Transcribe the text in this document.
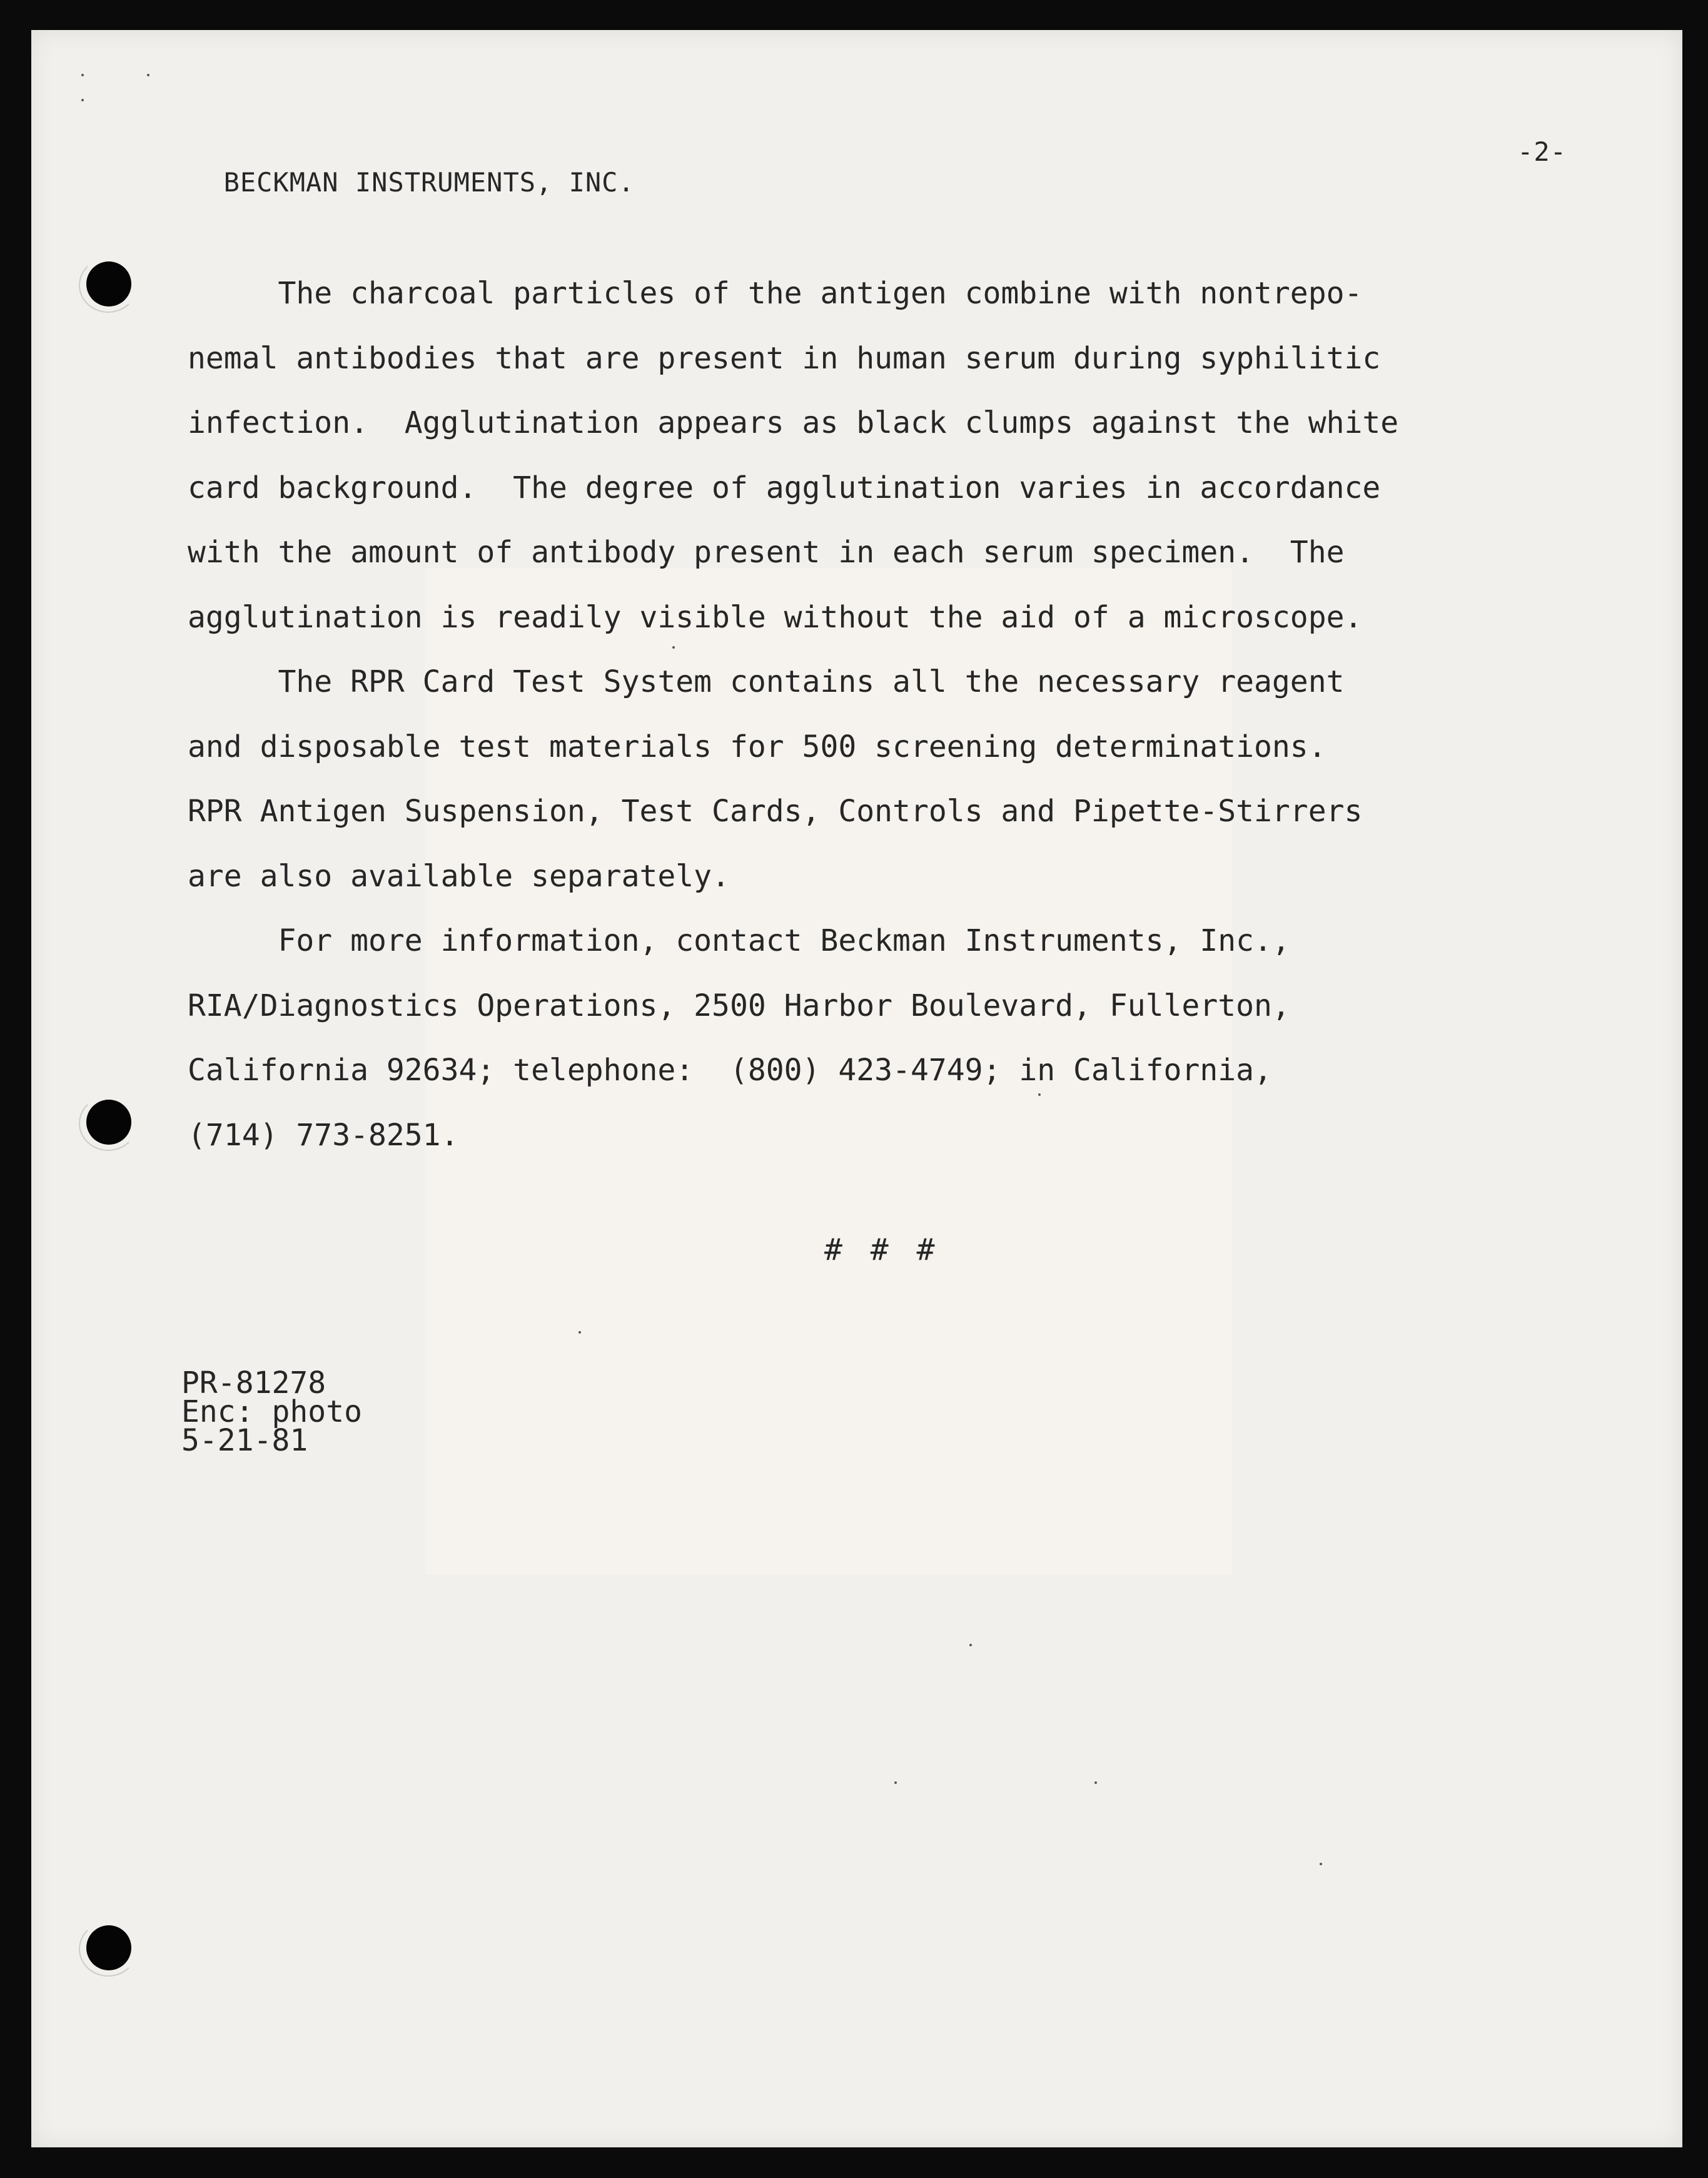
BECKMAN INSTRUMENTS, INC.

-2-

The charcoal particles of the antigen combine with nontrepo-
nemal antibodies that are present in human serum during syphilitic
infection.  Agglutination appears as black clumps against the white
card background.  The degree of agglutination varies in accordance
with the amount of antibody present in each serum specimen.  The
agglutination is readily visible without the aid of a microscope.
The RPR Card Test System contains all the necessary reagent
and disposable test materials for 500 screening determinations.
RPR Antigen Suspension, Test Cards, Controls and Pipette-Stirrers
are also available separately.
For more information, contact Beckman Instruments, Inc.,
RIA/Diagnostics Operations, 2500 Harbor Boulevard, Fullerton,
California 92634; telephone:  (800) 423-4749; in California,
(714) 773-8251.
# # #
PR-81278
Enc: photo
5-21-81
